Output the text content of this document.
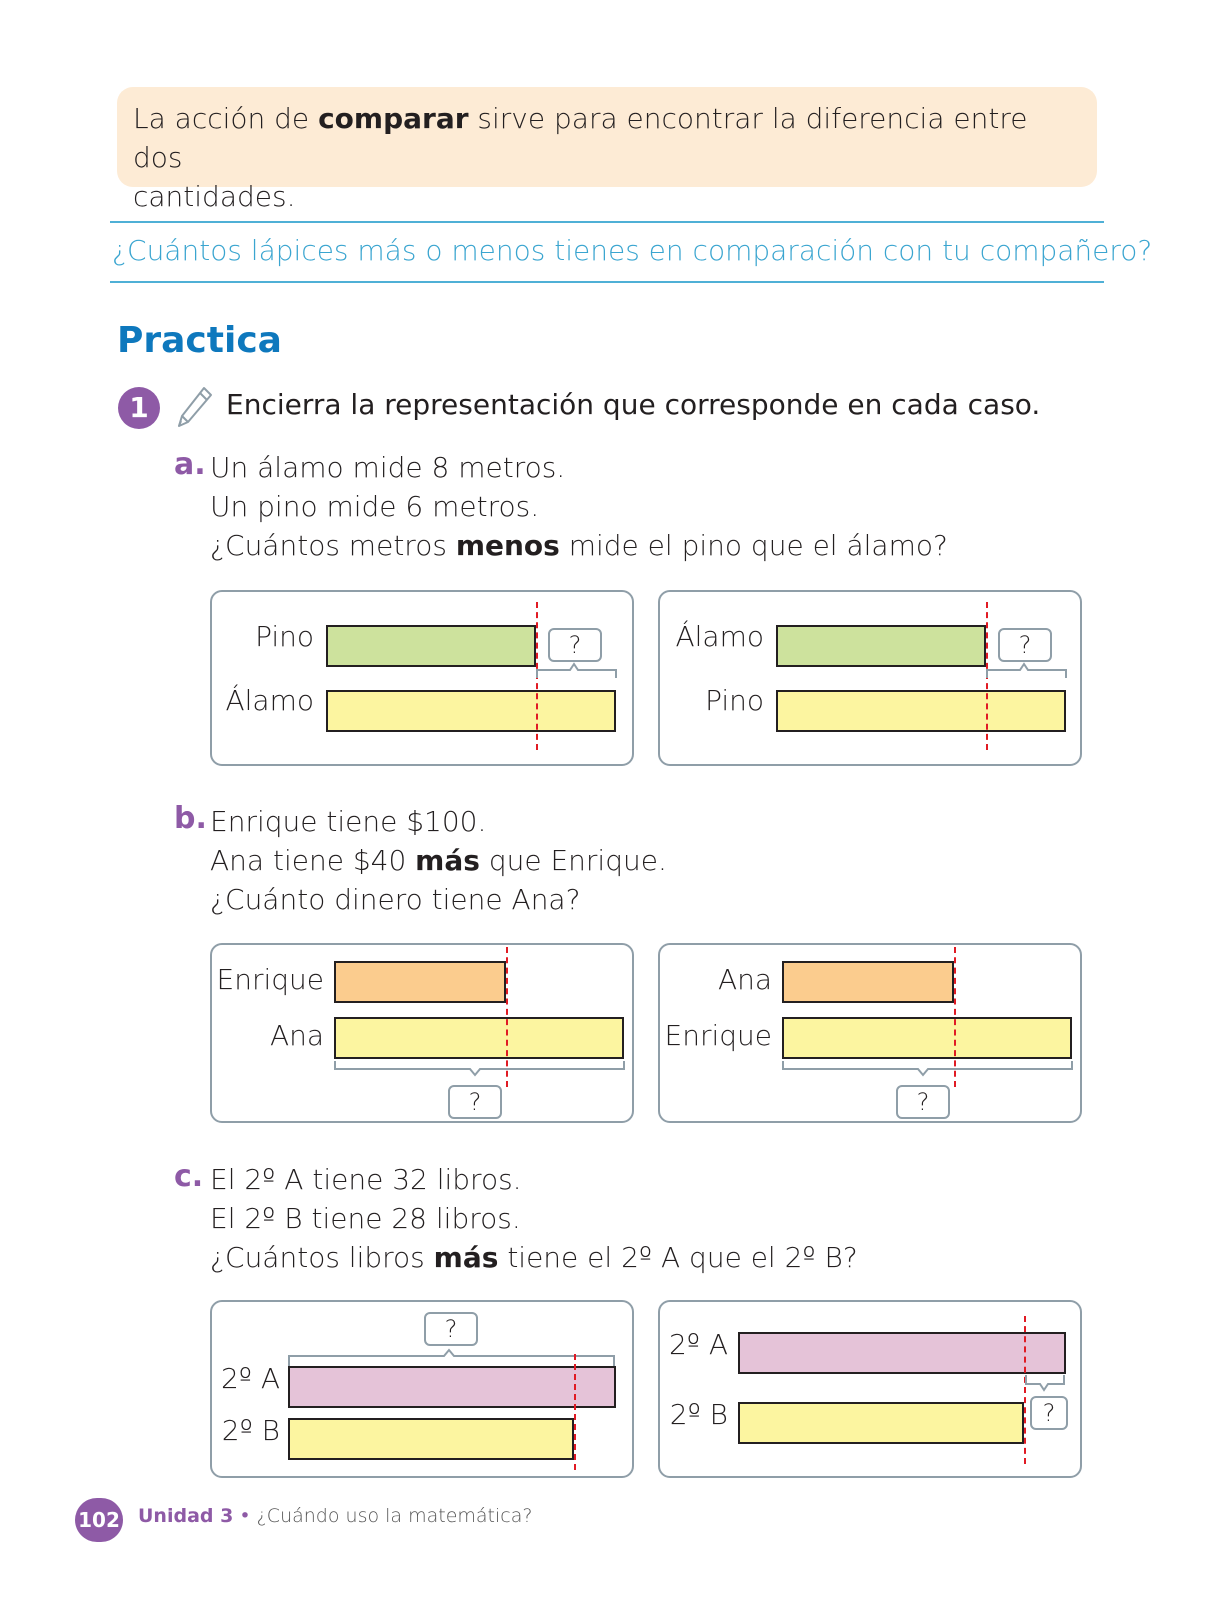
La acción de comparar sirve para encontrar la diferencia entre dos
cantidades.
¿Cuántos lápices más o menos tienes en comparación con tu compañero?
Practica
1	Encierra la representación que corresponde en cada caso.
a. Un álamo mide 8 metros.
Un pino mide 6 metros.
¿Cuántos metros menos mide el pino que el álamo?
Pino
Álamo
?	Álamo
Pino
?
b. Enrique tiene $100.
Ana tiene $40 más que Enrique.
¿Cuánto dinero tiene Ana?
Enrique
Ana
?
Ana
Enrique
?
c. El 2º A tiene 32 libros.
El 2º B tiene 28 libros.
¿Cuántos libros más tiene el 2º A que el 2º B?
2º A
2º B
?	2º A
2º B	?
102 Unidad 3 • ¿Cuándo uso la matemática?
